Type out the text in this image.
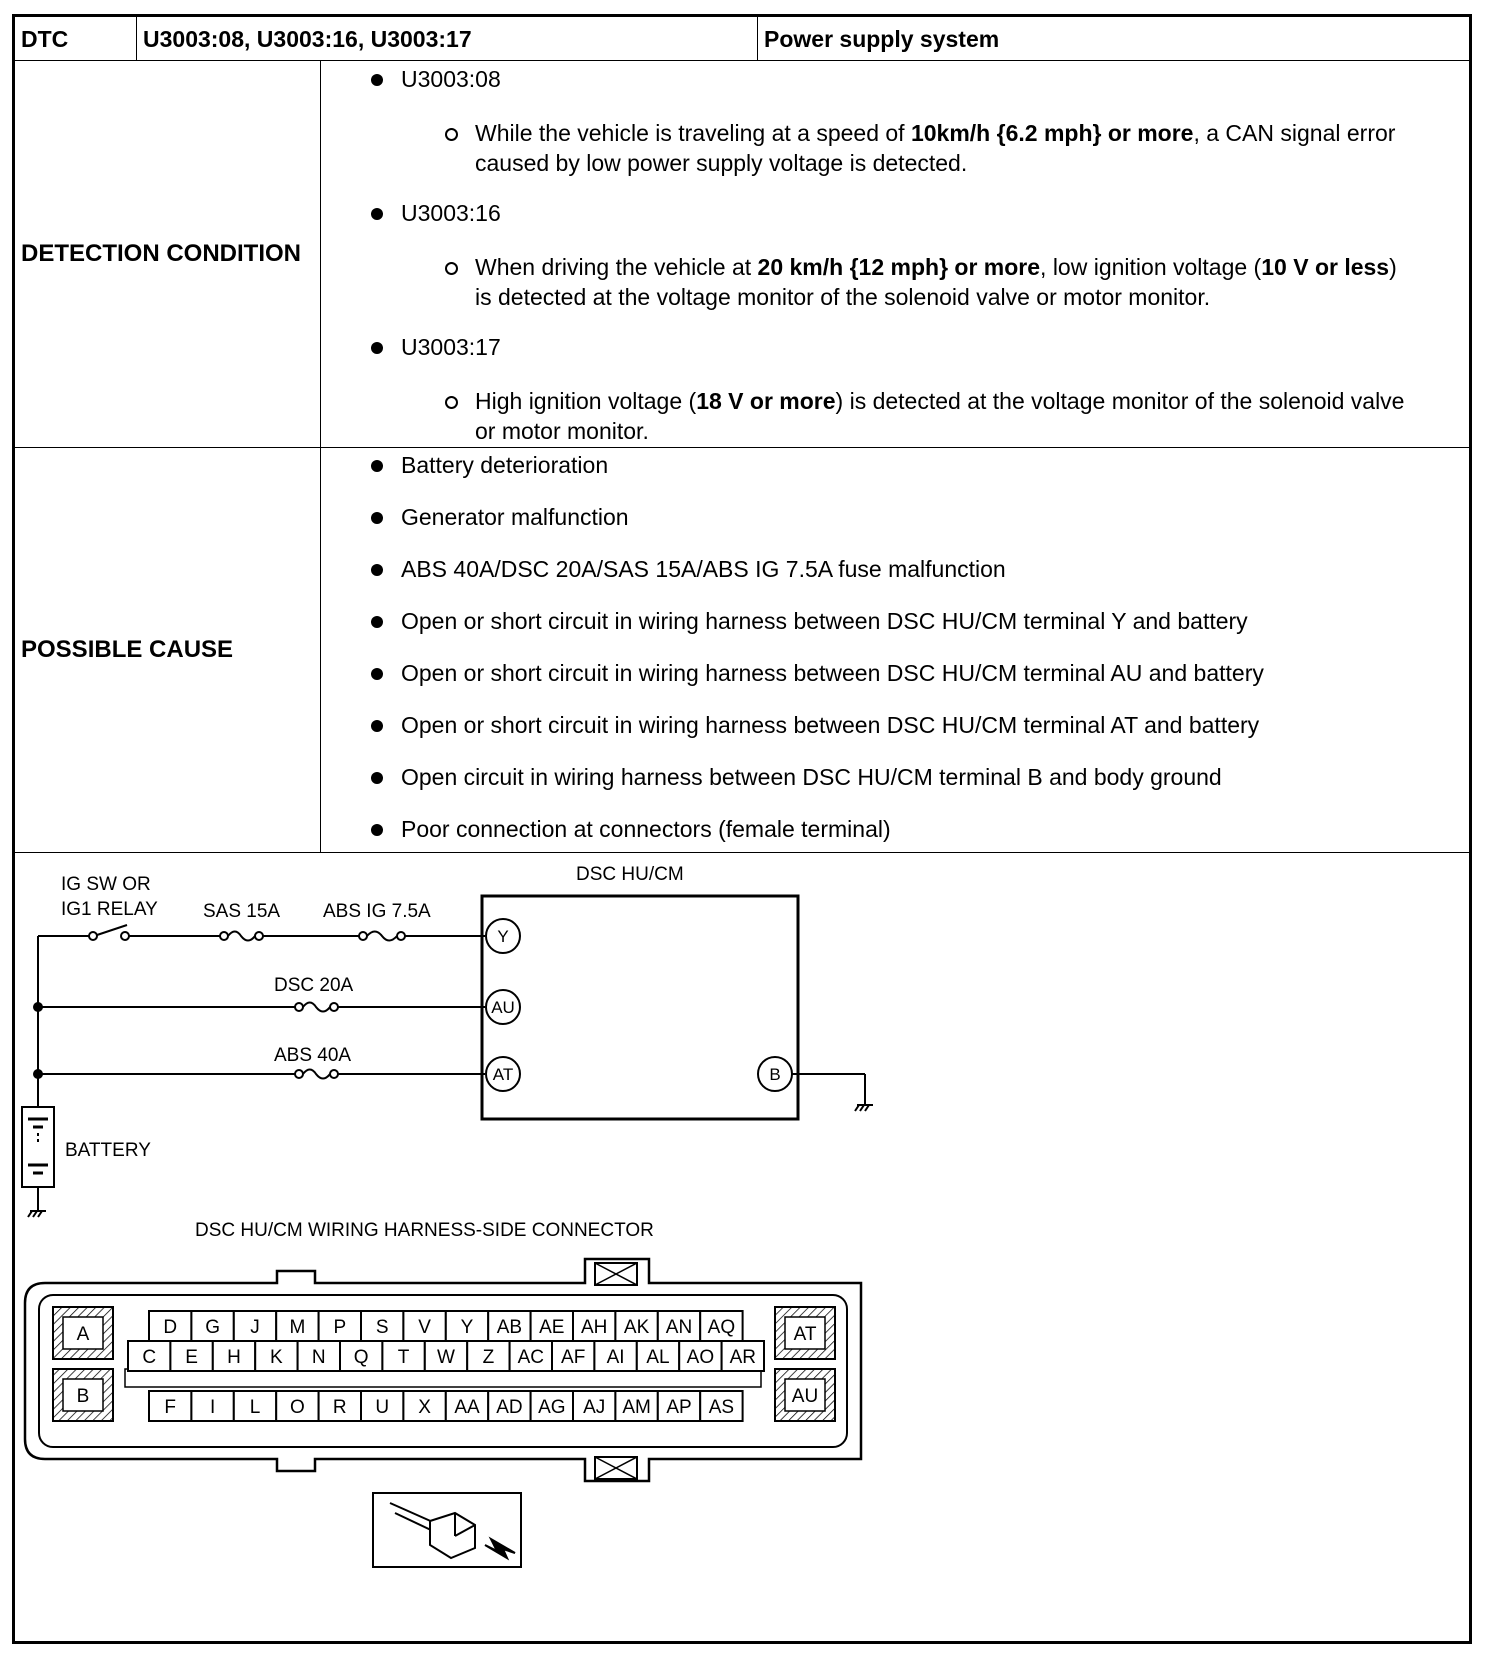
DTC	U3003:08, U3003:16, U3003:17	Power supply system
DETECTION CONDITION
U3003:08
While the vehicle is traveling at a speed of 10km/h {6.2 mph} or more, a CAN signal error caused by low power supply voltage is detected.
U3003:16
When driving the vehicle at 20 km/h {12 mph} or more, low ignition voltage (10 V or less) is detected at the voltage monitor of the solenoid valve or motor monitor.
U3003:17
High ignition voltage (18 V or more) is detected at the voltage monitor of the solenoid valve or motor monitor.
POSSIBLE CAUSE
Battery deterioration
Generator malfunction
ABS 40A/DSC 20A/SAS 15A/ABS IG 7.5A fuse malfunction
Open or short circuit in wiring harness between DSC HU/CM terminal Y and battery
Open or short circuit in wiring harness between DSC HU/CM terminal AU and battery
Open or short circuit in wiring harness between DSC HU/CM terminal AT and battery
Open circuit in wiring harness between DSC HU/CM terminal B and body ground
Poor connection at connectors (female terminal)
IG SW OR
IG1 RELAY SAS 15A ABS IG 7.5A
DSC 20A
ABS 40A
DSC HU/CM
BATTERY
Y
AU
AT	B
DSC HU/CM WIRING HARNESS-SIDE CONNECTOR
A
B
AT
AU
D G J M P S V Y AB AE AH AK AN AQ
C E H K N Q T W Z AC AF AI AL AO AR
F I L O R U X AA AD AG AJ AM AP AS
